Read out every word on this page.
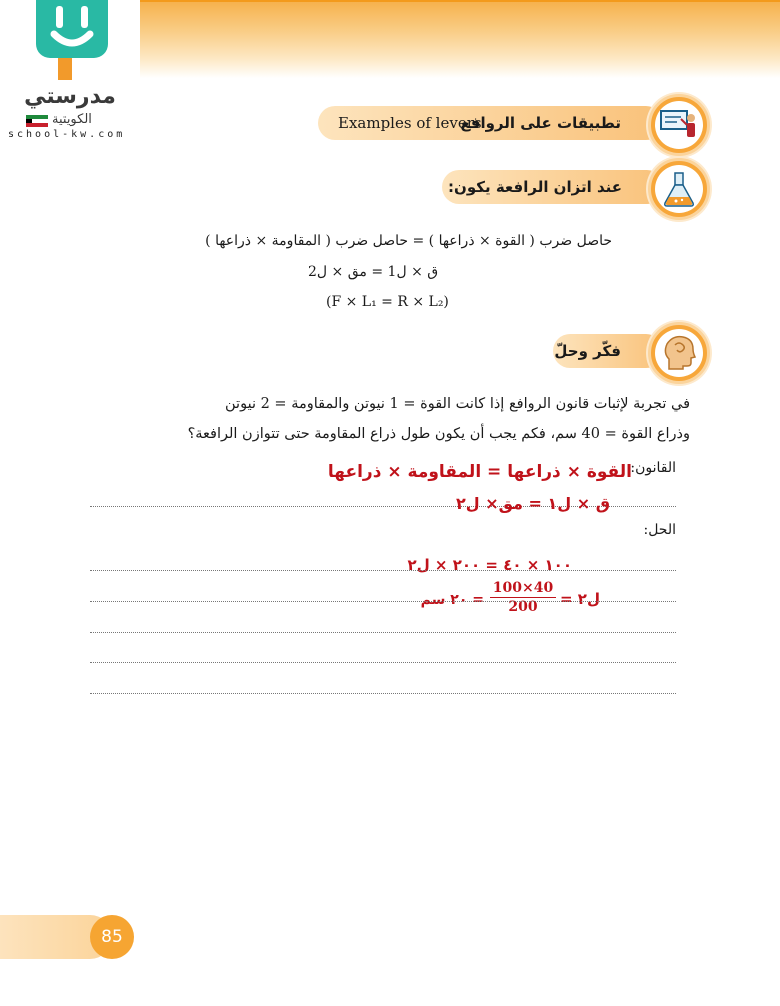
مدرستي
الكويتية
school-kw.com
Examples of levers
تطبيقات على الروافع
عند اتزان الرافعة يكون:
حاصل ضرب ( القوة × ذراعها ) = حاصل ضرب ( المقاومة × ذراعها )
ق × ل1 = مق × ل2
(F × L₁ = R × L₂)
فكّر وحلّ
في تجربة لإثبات قانون الروافع إذا كانت القوة = 1 نيوتن والمقاومة = 2 نيوتن
وذراع القوة = 40 سم، فكم يجب أن يكون طول ذراع المقاومة حتى تتوازن الرافعة؟
القانون:
القوة × ذراعها = المقاومة × ذراعها
ق × ل١ = مق× ل٢
الحل:
١٠٠ × ٤٠ = ٢٠٠ × ل٢
ل٢ =
100×40
200
= ٢٠ سم
85
